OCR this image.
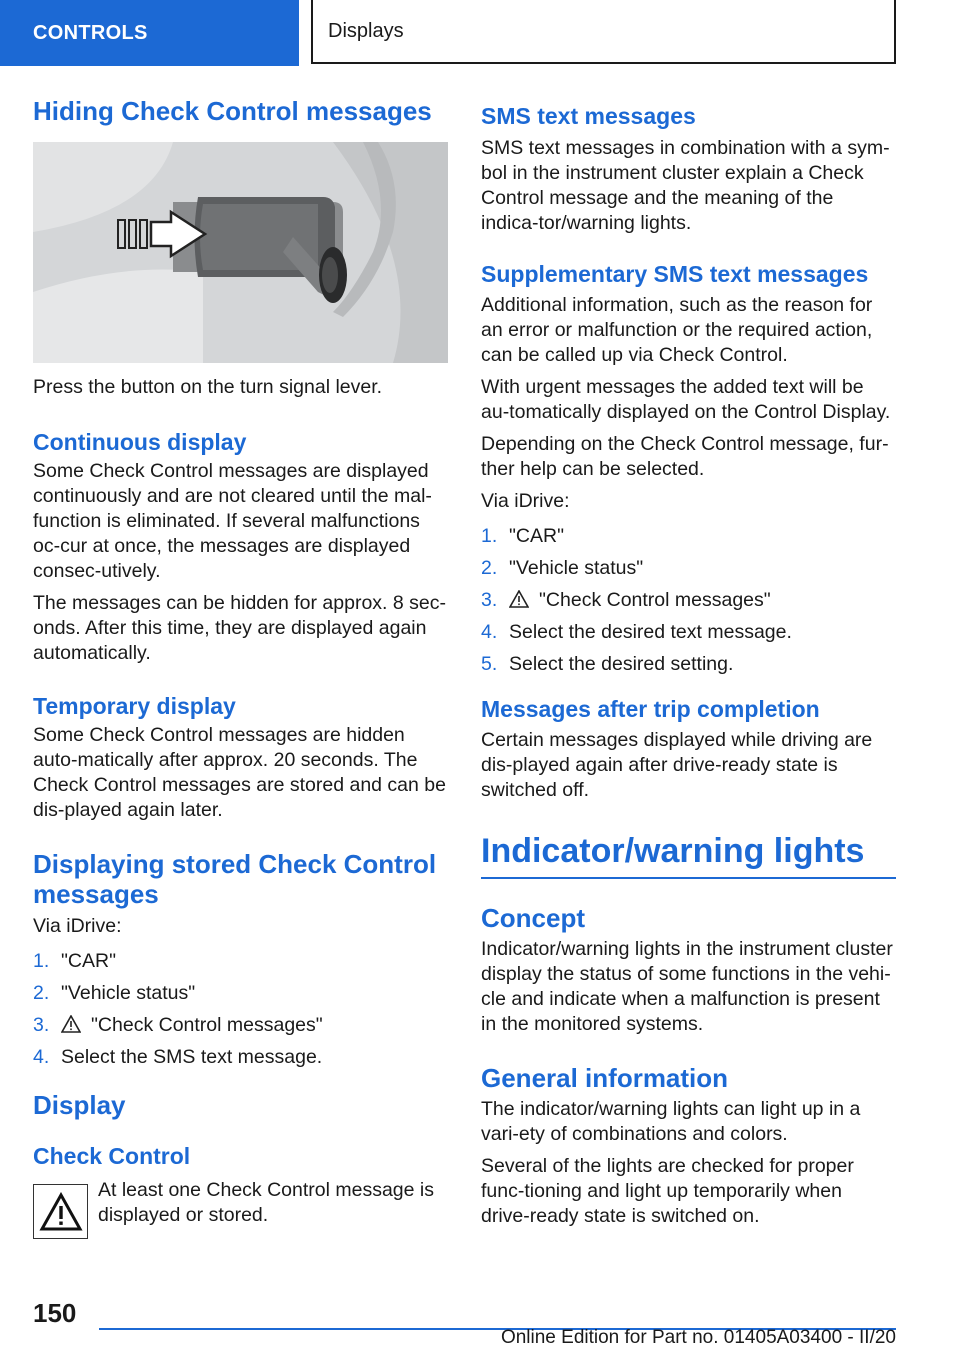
CONTROLS	Displays
Hiding Check Control messages

Press the button on the turn signal lever.

Continuous display

Some Check Control messages are displayed continuously and are not cleared until the mal-function is eliminated. If several malfunctions oc-cur at once, the messages are displayed consec-utively.

The messages can be hidden for approx. 8 sec-onds. After this time, they are displayed again automatically.

Temporary display

Some Check Control messages are hidden auto-matically after approx. 20 seconds. The Check Control messages are stored and can be dis-played again later.

Displaying stored Check Control messages

Via iDrive:

1. "CAR"
2. "Vehicle status"
3.	"Check Control messages"
4. Select the SMS text message.
Display
Check Control

At least one Check Control message is displayed or stored.

SMS text messages

SMS text messages in combination with a sym-bol in the instrument cluster explain a Check Control message and the meaning of the indica-tor/warning lights.

Supplementary SMS text messages

Additional information, such as the reason for an error or malfunction or the required action, can be called up via Check Control.

With urgent messages the added text will be au-tomatically displayed on the Control Display.

Depending on the Check Control message, fur-ther help can be selected.

Via iDrive:

1. "CAR"
2. "Vehicle status"
3.	"Check Control messages"
4. Select the desired text message.
5. Select the desired setting.
Messages after trip completion

Certain messages displayed while driving are dis-played again after drive-ready state is switched off.

Indicator/warning lights
Concept

Indicator/warning lights in the instrument cluster display the status of some functions in the vehi-cle and indicate when a malfunction is present in the monitored systems.

General information

The indicator/warning lights can light up in a vari-ety of combinations and colors.

Several of the lights are checked for proper func-tioning and light up temporarily when drive-ready state is switched on.

150
Online Edition for Part no. 01405A03400 - II/20
